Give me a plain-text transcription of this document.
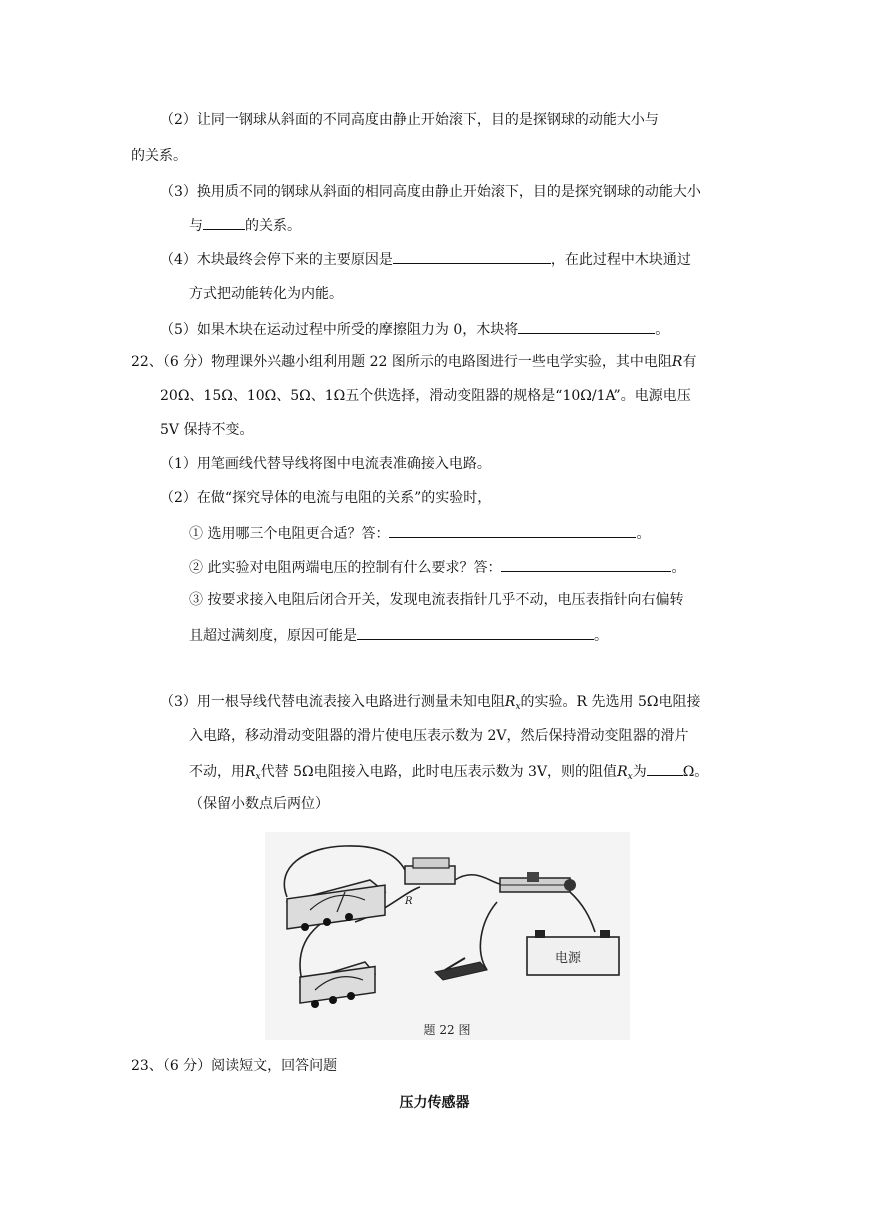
（2）让同一钢球从斜面的不同高度由静止开始滚下，目的是探钢球的动能大小与
的关系。
（3）换用质不同的钢球从斜面的相同高度由静止开始滚下，目的是探究钢球的动能大小
与	的关系。
（4）木块最终会停下来的主要原因是	，在此过程中木块通过
方式把动能转化为内能。
（5）如果木块在运动过程中所受的摩擦阻力为 0，木块将	。
22、（6 分）物理课外兴趣小组利用题 22 图所示的电路图进行一些电学实验，其中电阻R有
20Ω、15Ω、10Ω、5Ω、1Ω五个供选择，滑动变阻器的规格是“10Ω/1A”。电源电压
5V 保持不变。
（1）用笔画线代替导线将图中电流表准确接入电路。
（2）在做“探究导体的电流与电阻的关系”的实验时，
① 选用哪三个电阻更合适？答：	。
② 此实验对电阻两端电压的控制有什么要求？答：	。
③ 按要求接入电阻后闭合开关，发现电流表指针几乎不动，电压表指针向右偏转
且超过满刻度，原因可能是	。
（3）用一根导线代替电流表接入电路进行测量未知电阻$R_x$的实验。R 先选用 5Ω电阻接
入电路，移动滑动变阻器的滑片使电压表示数为 2V，然后保持滑动变阻器的滑片
不动，用$R_x$代替 5Ω电阻接入电路，此时电压表示数为 3V，则的阻值$R_x$为	Ω。
（保留小数点后两位）
R
电源
题 22 图
23、（6 分）阅读短文，回答问题
压力传感器
